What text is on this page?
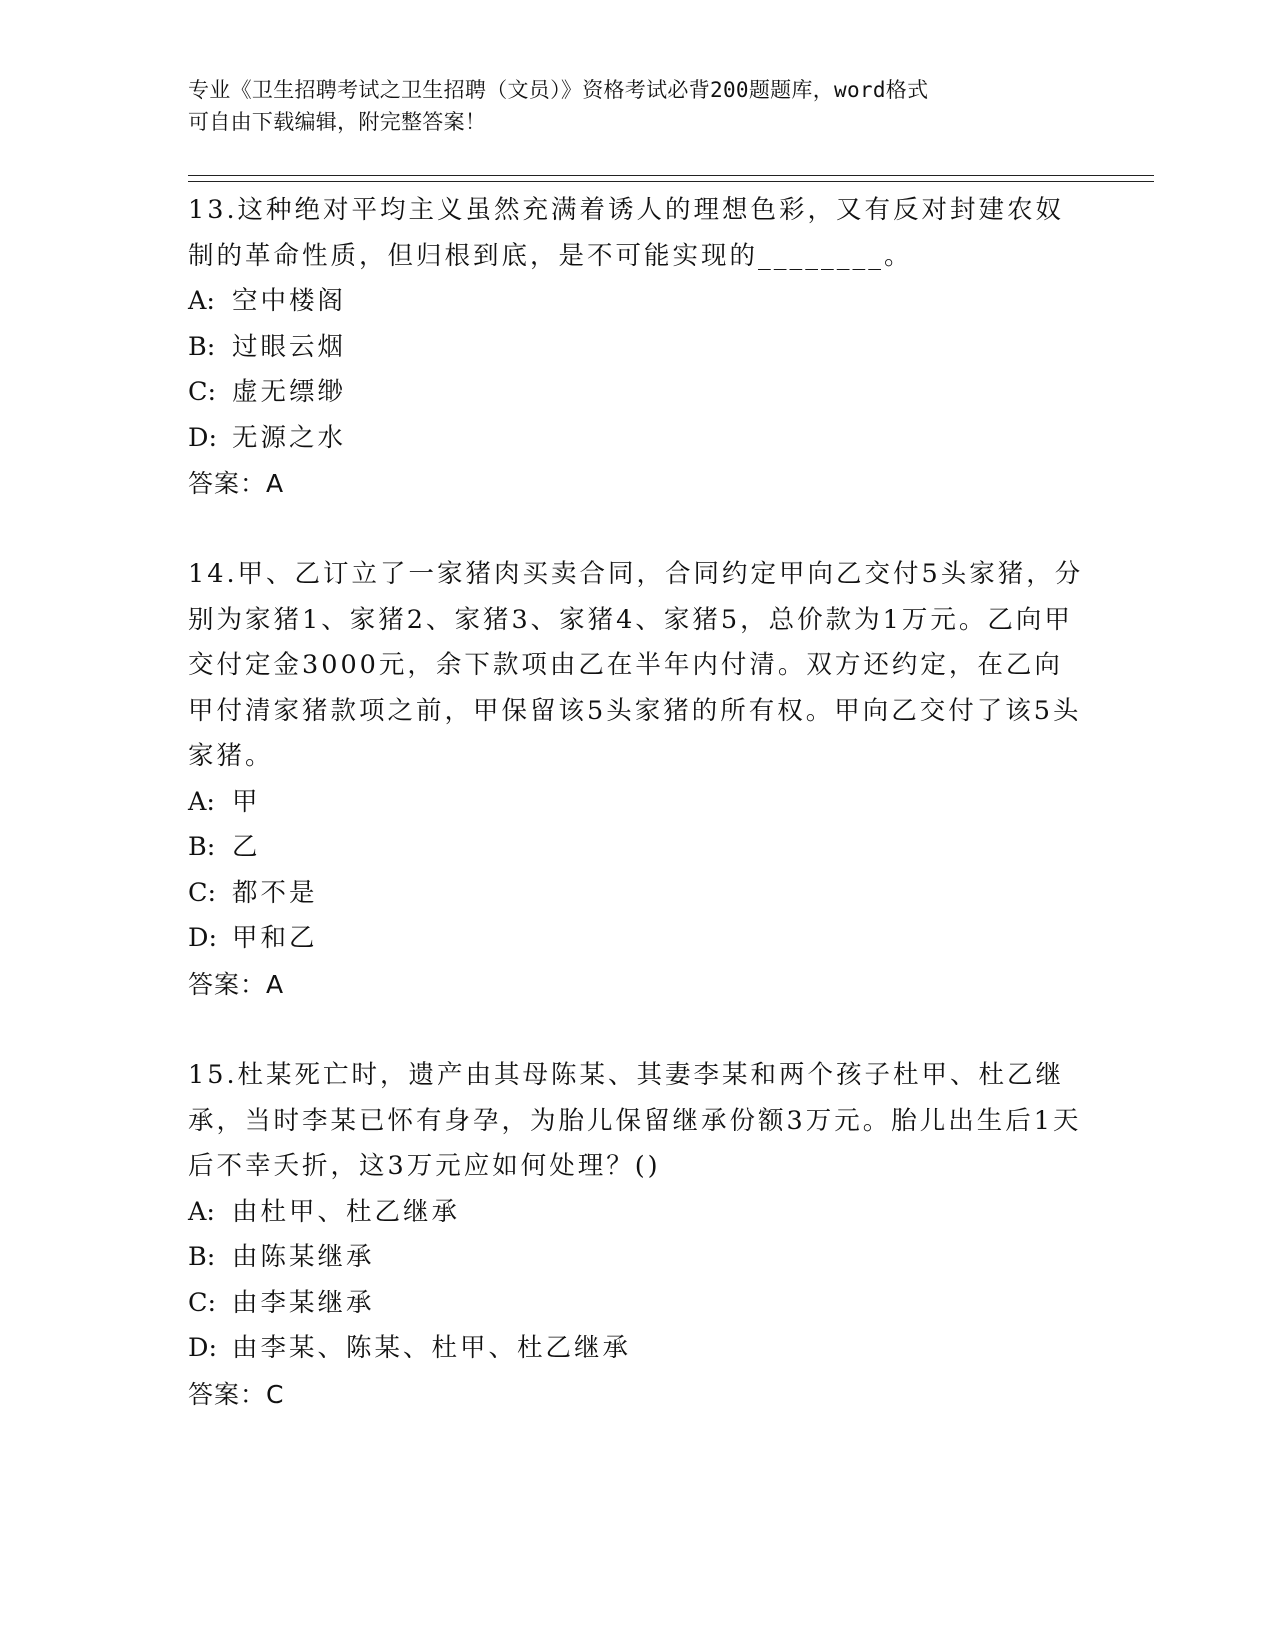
专业《卫生招聘考试之卫生招聘（文员）》资格考试必背200题题库，word格式
可自由下载编辑，附完整答案！

13.这种绝对平均主义虽然充满着诱人的理想色彩，又有反对封建农奴制的革命性质，但归根到底，是不可能实现的________。

A: 空中楼阁
B: 过眼云烟
C: 虚无缥缈
D: 无源之水
答案：A

14.甲、乙订立了一家猪肉买卖合同，合同约定甲向乙交付5头家猪，分别为家猪1、家猪2、家猪3、家猪4、家猪5，总价款为1万元。乙向甲交付定金3000元，余下款项由乙在半年内付清。双方还约定，在乙向甲付清家猪款项之前，甲保留该5头家猪的所有权。甲向乙交付了该5头家猪。

A: 甲
B: 乙
C: 都不是
D: 甲和乙
答案：A

15.杜某死亡时，遗产由其母陈某、其妻李某和两个孩子杜甲、杜乙继承，当时李某已怀有身孕，为胎儿保留继承份额3万元。胎儿出生后1天后不幸夭折，这3万元应如何处理？()

A: 由杜甲、杜乙继承
B: 由陈某继承
C: 由李某继承
D: 由李某、陈某、杜甲、杜乙继承
答案：C
